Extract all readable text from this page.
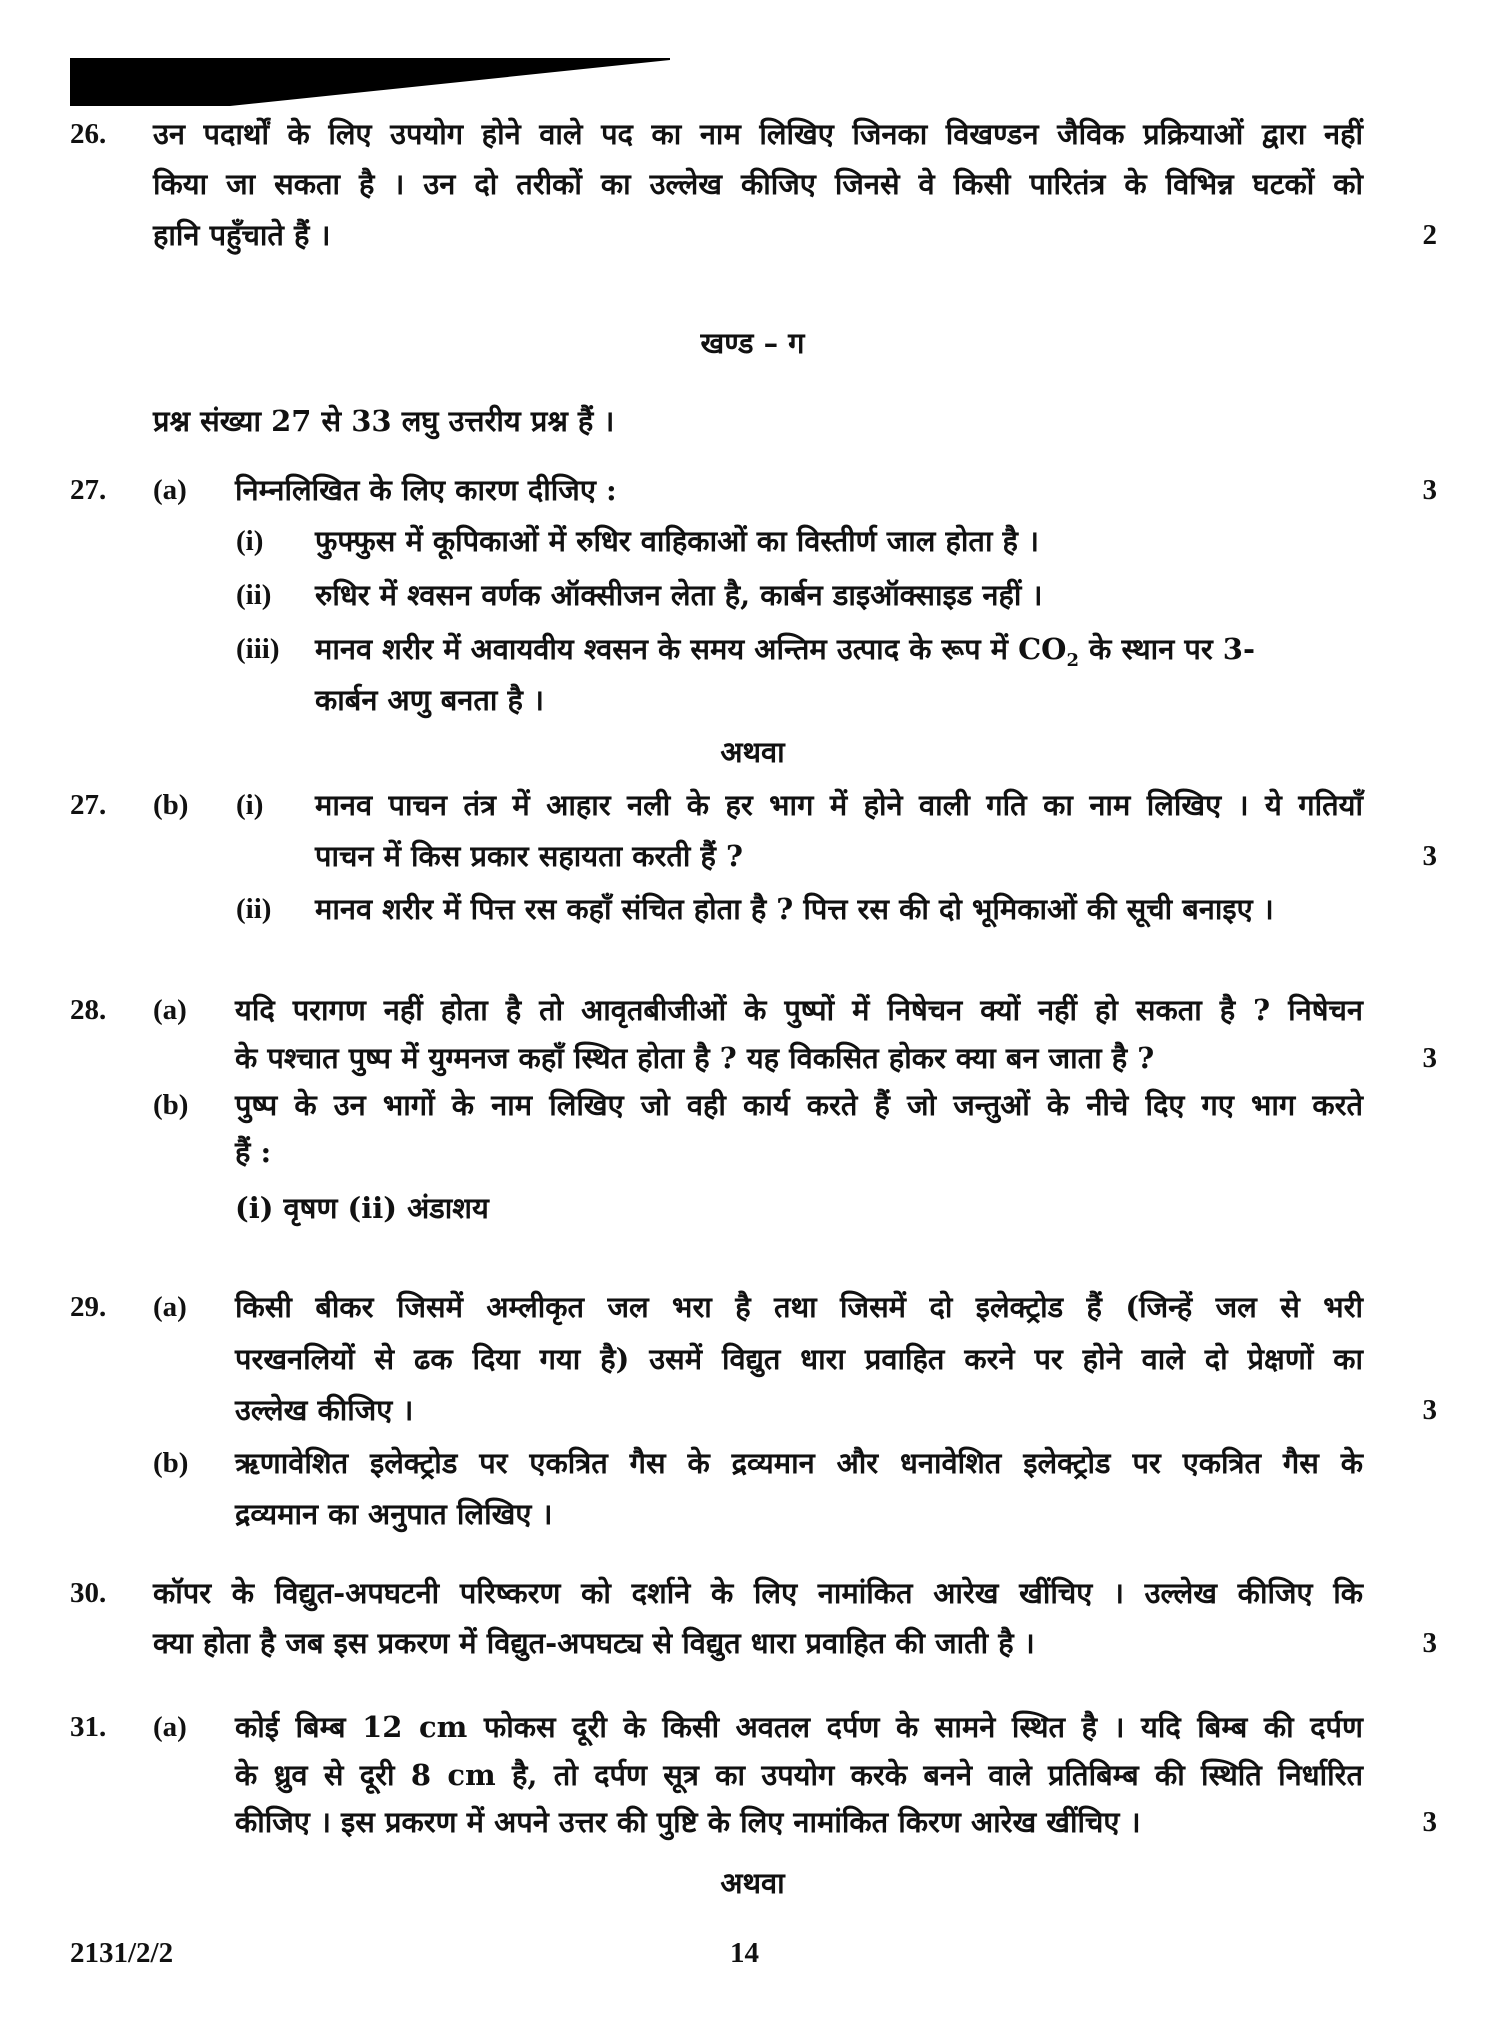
26. उन पदार्थों के लिए उपयोग होने वाले पद का नाम लिखिए जिनका विखण्डन जैविक प्रक्रियाओं द्वारा नहीं
किया जा सकता है । उन दो तरीकों का उल्लेख कीजिए जिनसे वे किसी पारितंत्र के विभिन्न घटकों को
हानि पहुँचाते हैं ।	2
खण्ड – ग
प्रश्न संख्या 27 से 33 लघु उत्तरीय प्रश्न हैं ।
27. (a) निम्नलिखित के लिए कारण दीजिए :	3
(i) फुफ्फुस में कूपिकाओं में रुधिर वाहिकाओं का विस्तीर्ण जाल होता है ।
(ii) रुधिर में श्वसन वर्णक ऑक्सीजन लेता है, कार्बन डाइऑक्साइड नहीं ।
(iii) मानव शरीर में अवायवीय श्वसन के समय अन्तिम उत्पाद के रूप में $CO_2$ के स्थान पर 3-
कार्बन अणु बनता है ।
अथवा
27. (b) (i) मानव पाचन तंत्र में आहार नली के हर भाग में होने वाली गति का नाम लिखिए । ये गतियाँ
पाचन में किस प्रकार सहायता करती हैं ?	3
(ii) मानव शरीर में पित्त रस कहाँ संचित होता है ? पित्त रस की दो भूमिकाओं की सूची बनाइए ।
28. (a) यदि परागण नहीं होता है तो आवृतबीजीओं के पुष्पों में निषेचन क्यों नहीं हो सकता है ? निषेचन
के पश्चात पुष्प में युग्मनज कहाँ स्थित होता है ? यह विकसित होकर क्या बन जाता है ?	3
(b) पुष्प के उन भागों के नाम लिखिए जो वही कार्य करते हैं जो जन्तुओं के नीचे दिए गए भाग करते
हैं :
(i) वृषण (ii) अंडाशय
29. (a) किसी बीकर जिसमें अम्लीकृत जल भरा है तथा जिसमें दो इलेक्ट्रोड हैं (जिन्हें जल से भरी
परखनलियों से ढक दिया गया है) उसमें विद्युत धारा प्रवाहित करने पर होने वाले दो प्रेक्षणों का
उल्लेख कीजिए ।	3
(b) ऋणावेशित इलेक्ट्रोड पर एकत्रित गैस के द्रव्यमान और धनावेशित इलेक्ट्रोड पर एकत्रित गैस के
द्रव्यमान का अनुपात लिखिए ।
30. कॉपर के विद्युत-अपघटनी परिष्करण को दर्शाने के लिए नामांकित आरेख खींचिए । उल्लेख कीजिए कि
क्या होता है जब इस प्रकरण में विद्युत-अपघट्य से विद्युत धारा प्रवाहित की जाती है ।	3
31. (a) कोई बिम्ब 12 cm फोकस दूरी के किसी अवतल दर्पण के सामने स्थित है । यदि बिम्ब की दर्पण
के ध्रुव से दूरी 8 cm है, तो दर्पण सूत्र का उपयोग करके बनने वाले प्रतिबिम्ब की स्थिति निर्धारित
कीजिए । इस प्रकरण में अपने उत्तर की पुष्टि के लिए नामांकित किरण आरेख खींचिए ।	3
अथवा
2131/2/2	14
